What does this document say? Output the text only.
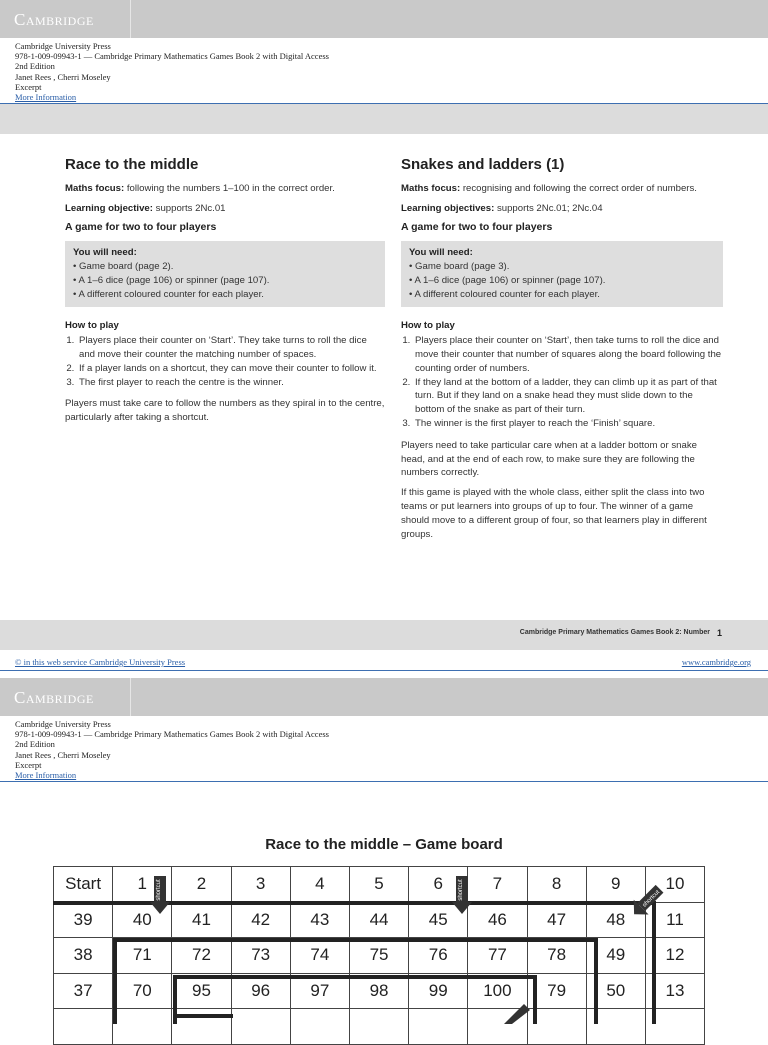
Cambridge
Cambridge University Press
978-1-009-09943-1 — Cambridge Primary Mathematics Games Book 2 with Digital Access
2nd Edition
Janet Rees , Cherri Moseley
Excerpt
More Information
Race to the middle

Maths focus: following the numbers 1–100 in the correct order.

Learning objective: supports 2Nc.01

A game for two to four players
You will need:
• Game board (page 2).
• A 1–6 dice (page 106) or spinner (page 107).
• A different coloured counter for each player.
How to play
1. Players place their counter on ‘Start’. They take turns to roll the dice and move their counter the matching number of spaces.
2. If a player lands on a shortcut, they can move their counter to follow it.
3. The first player to reach the centre is the winner.

Players must take care to follow the numbers as they spiral in to the centre, particularly after taking a shortcut.

Snakes and ladders (1)

Maths focus: recognising and following the correct order of numbers.

Learning objectives: supports 2Nc.01; 2Nc.04

A game for two to four players
You will need:
• Game board (page 3).
• A 1–6 dice (page 106) or spinner (page 107).
• A different coloured counter for each player.
How to play
1. Players place their counter on ‘Start’, then take turns to roll the dice and move their counter that number of squares along the board following the counting order of numbers.
2. If they land at the bottom of a ladder, they can climb up it as part of that turn. But if they land on a snake head they must slide down to the bottom of the snake as part of their turn.
3. The winner is the first player to reach the ‘Finish’ square.

Players need to take particular care when at a ladder bottom or snake head, and at the end of each row, to make sure they are following the numbers correctly.

If this game is played with the whole class, either split the class into two teams or put learners into groups of up to four. The winner of a game should move to a different group of four, so that learners play in different groups.

Cambridge Primary Mathematics Games Book 2: Number 1
© in this web service Cambridge University Press	www.cambridge.org
Cambridge
Cambridge University Press
978-1-009-09943-1 — Cambridge Primary Mathematics Games Book 2 with Digital Access
2nd Edition
Janet Rees , Cherri Moseley
Excerpt
More Information
Race to the middle – Game board
Start	1	2	3	4	5	6	7	8	9	10
39	40	41	42	43	44	45	46	47	48	11
38	71	72	73	74	75	76	77	78	49	12
37	70	95	96	97	98	99	100	79	50	13

shortcut	shortcut	shortcut
